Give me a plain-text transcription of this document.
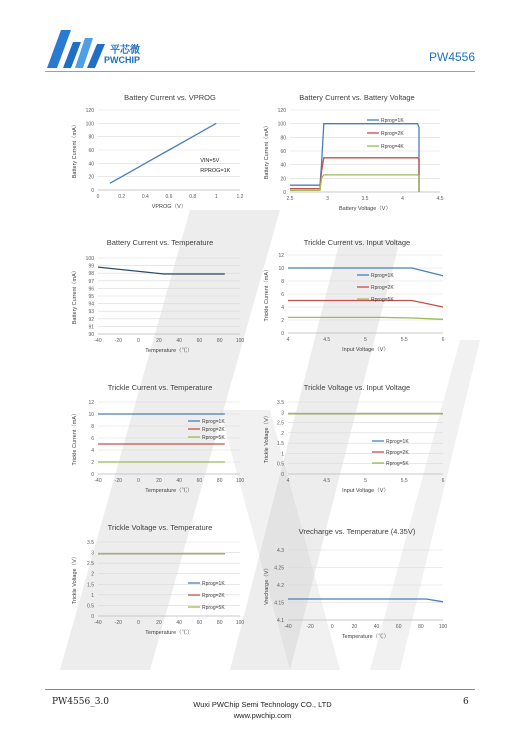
平芯微
PWCHIP	PW4556
Battery Current vs. VPROG
0
20
40
60
80
100
120
0	0.2	0.4	0.6	0.8	1	1.2
VPROG（V）
Battery Current（mA）	VIN=5V
RPROG=1K
Battery Current vs. Battery Voltage
0
20
40
60
80
100
120
2.5	3	3.5	4	4.5
Battery Voltage（V）
Battery Current（mA）
Rprog=1K
Rprog=2K
Rprog=4K
Battery Current vs. Temperature
90
91
92
93
94
95
96
97
98
99
100
-40	-20	0	20	40	60	80	100
Temperature（℃）
Battery Current（mA）
Trickle Current vs. Input Voltage
0
2
4
6
8
10
12
4	4.5	5	5.5	6
Input Voltage（V）
Trickle Current（mA）	Rprog=1K
Rprog=2K
Rprog=5K
Trickle Current vs. Temperature
0
2
4
6
8
10
12
-40	-20	0	20	40	60	80	100
Temperature（℃）
Trickle Current（mA）	Rprog=1K
Rprog=2K
Rprog=5K
Trickle Voltage vs. Input Voltage
0
0.5
1
1.5
2
2.5
3
3.5
4	4.5	5	5.5	6
Input Voltage（V）
Trickle Voltage（V）	Rprog=1K
Rprog=2K
Rprog=5K
Trickle Voltage vs. Temperature
0
0.5
1
1.5
2
2.5
3
3.5
-40	-20	0	20	40	60	80	100
Temperature（℃）
Trickle Voltage（V）	Rprog=1K
Rprog=2K
Rprog=5K
Vrecharge vs. Temperature (4.35V)
4.1
4.15
4.2
4.25
4.3
-40	-20	0	20	40	60	80	100
Temperature（℃）
Vrecharge（V）
PW4556_3.0	Wuxi PWChip Semi Technology CO., LTD
www.pwchip.com
6
